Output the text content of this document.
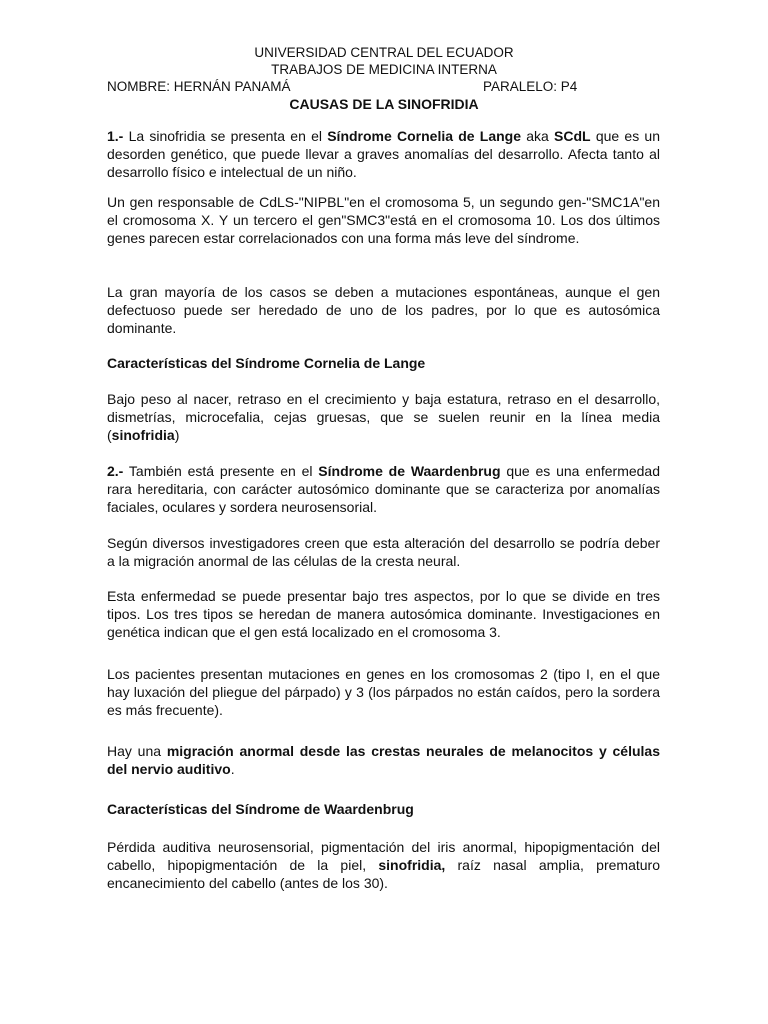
UNIVERSIDAD CENTRAL DEL ECUADOR
TRABAJOS DE MEDICINA INTERNA
NOMBRE: HERNÁN PANAMÁ	PARALELO: P4
CAUSAS DE LA SINOFRIDIA

1.- La sinofridia se presenta en el Síndrome Cornelia de Lange aka SCdL que es un desorden genético, que puede llevar a graves anomalías del desarrollo. Afecta tanto al desarrollo físico e intelectual de un niño.

Un gen responsable de CdLS-"NIPBL"en el cromosoma 5, un segundo gen-"SMC1A"en el cromosoma X. Y un tercero el gen"SMC3"está en el cromosoma 10. Los dos últimos genes parecen estar correlacionados con una forma más leve del síndrome.

La gran mayoría de los casos se deben a mutaciones espontáneas, aunque el gen defectuoso puede ser heredado de uno de los padres, por lo que es autosómica dominante.

Características del Síndrome Cornelia de Lange

Bajo peso al nacer, retraso en el crecimiento y baja estatura, retraso en el desarrollo, dismetrías, microcefalia, cejas gruesas, que se suelen reunir en la línea media (sinofridia)

2.- También está presente en el Síndrome de Waardenbrug que es una enfermedad rara hereditaria, con carácter autosómico dominante que se caracteriza por anomalías faciales, oculares y sordera neurosensorial.

Según diversos investigadores creen que esta alteración del desarrollo se podría deber a la migración anormal de las células de la cresta neural.

Esta enfermedad se puede presentar bajo tres aspectos, por lo que se divide en tres tipos. Los tres tipos se heredan de manera autosómica dominante. Investigaciones en genética indican que el gen está localizado en el cromosoma 3.

Los pacientes presentan mutaciones en genes en los cromosomas 2 (tipo I, en el que hay luxación del pliegue del párpado) y 3 (los párpados no están caídos, pero la sordera es más frecuente).

Hay una migración anormal desde las crestas neurales de melanocitos y células del nervio auditivo.

Características del Síndrome de Waardenbrug

Pérdida auditiva neurosensorial, pigmentación del iris anormal, hipopigmentación del cabello, hipopigmentación de la piel, sinofridia, raíz nasal amplia, prematuro encanecimiento del cabello (antes de los 30).
